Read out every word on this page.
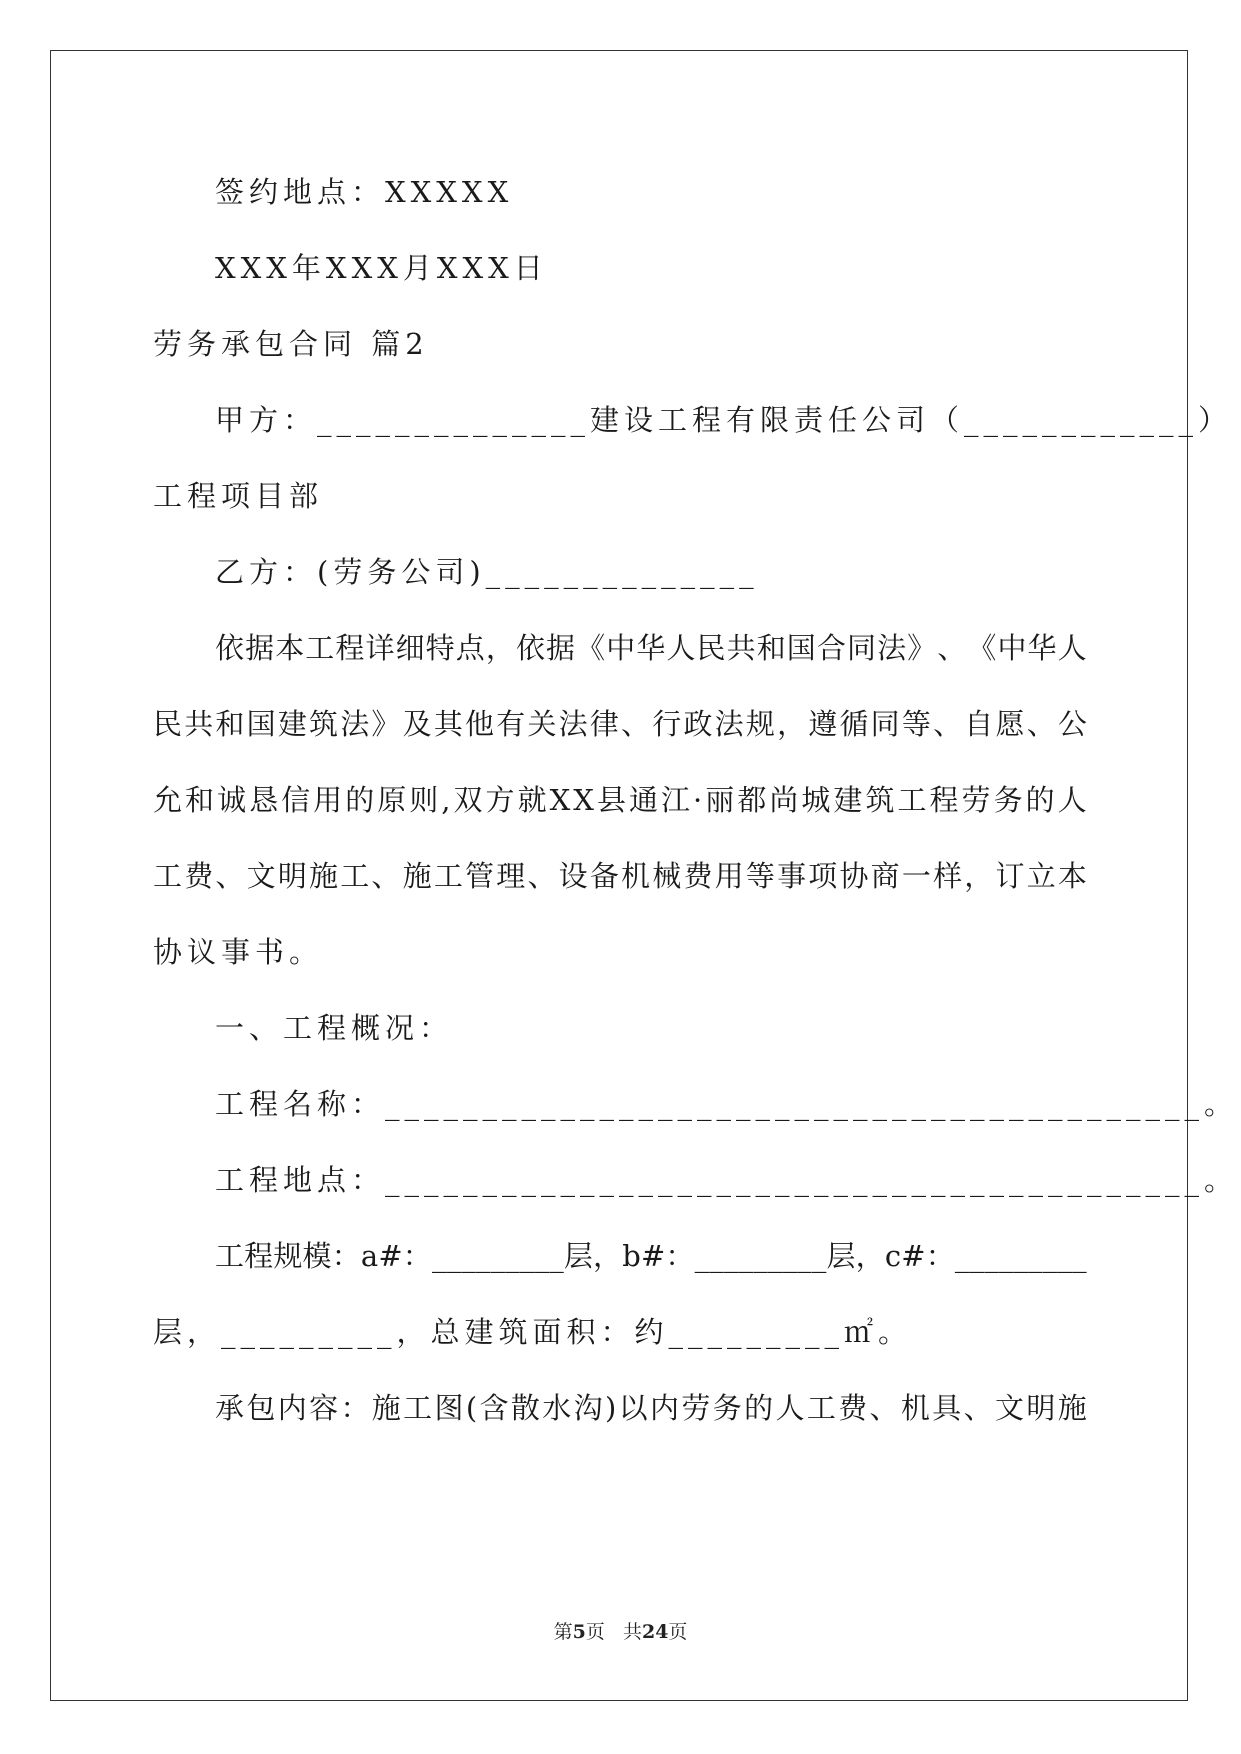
签约地点：XXXXX
XXX年XXX月XXX日
劳务承包合同 篇2
甲方：______________建设工程有限责任公司（____________）
工程项目部
乙方：(劳务公司)______________
依 据 本 工 程 详 细 特 点 ， 依 据 《 中 华 人 民 共 和 国 合 同 法 》 、 《 中 华 人
民 共 和 国 建 筑 法 》 及 其 他 有 关 法 律 、 行 政 法 规 ， 遵 循 同 等 、 自 愿 、 公
允 和 诚 恳 信 用 的 原 则 , 双 方 就 X X 县 通 江 · 丽 都 尚 城 建 筑 工 程 劳 务 的 人
工 费 、 文 明 施 工 、 施 工 管 理 、 设 备 机 械 费 用 等 事 项 协 商 一 样 ， 订 立 本
协议事书。
一、工程概况：
工程名称：__________________________________________。
工程地点：__________________________________________。
工 程 规 模 ： a # ： _ _ _ _ _ _ _ _ _ 层 ， b # ： _ _ _ _ _ _ _ _ _ 层 ， c # ： _ _ _ _ _ _ _ _ _
层，_________，总建筑面积：约_________㎡。
承 包 内 容 ： 施 工 图 ( 含 散 水 沟 ) 以 内 劳 务 的 人 工 费 、 机 具 、 文 明 施
第5页 共24页
